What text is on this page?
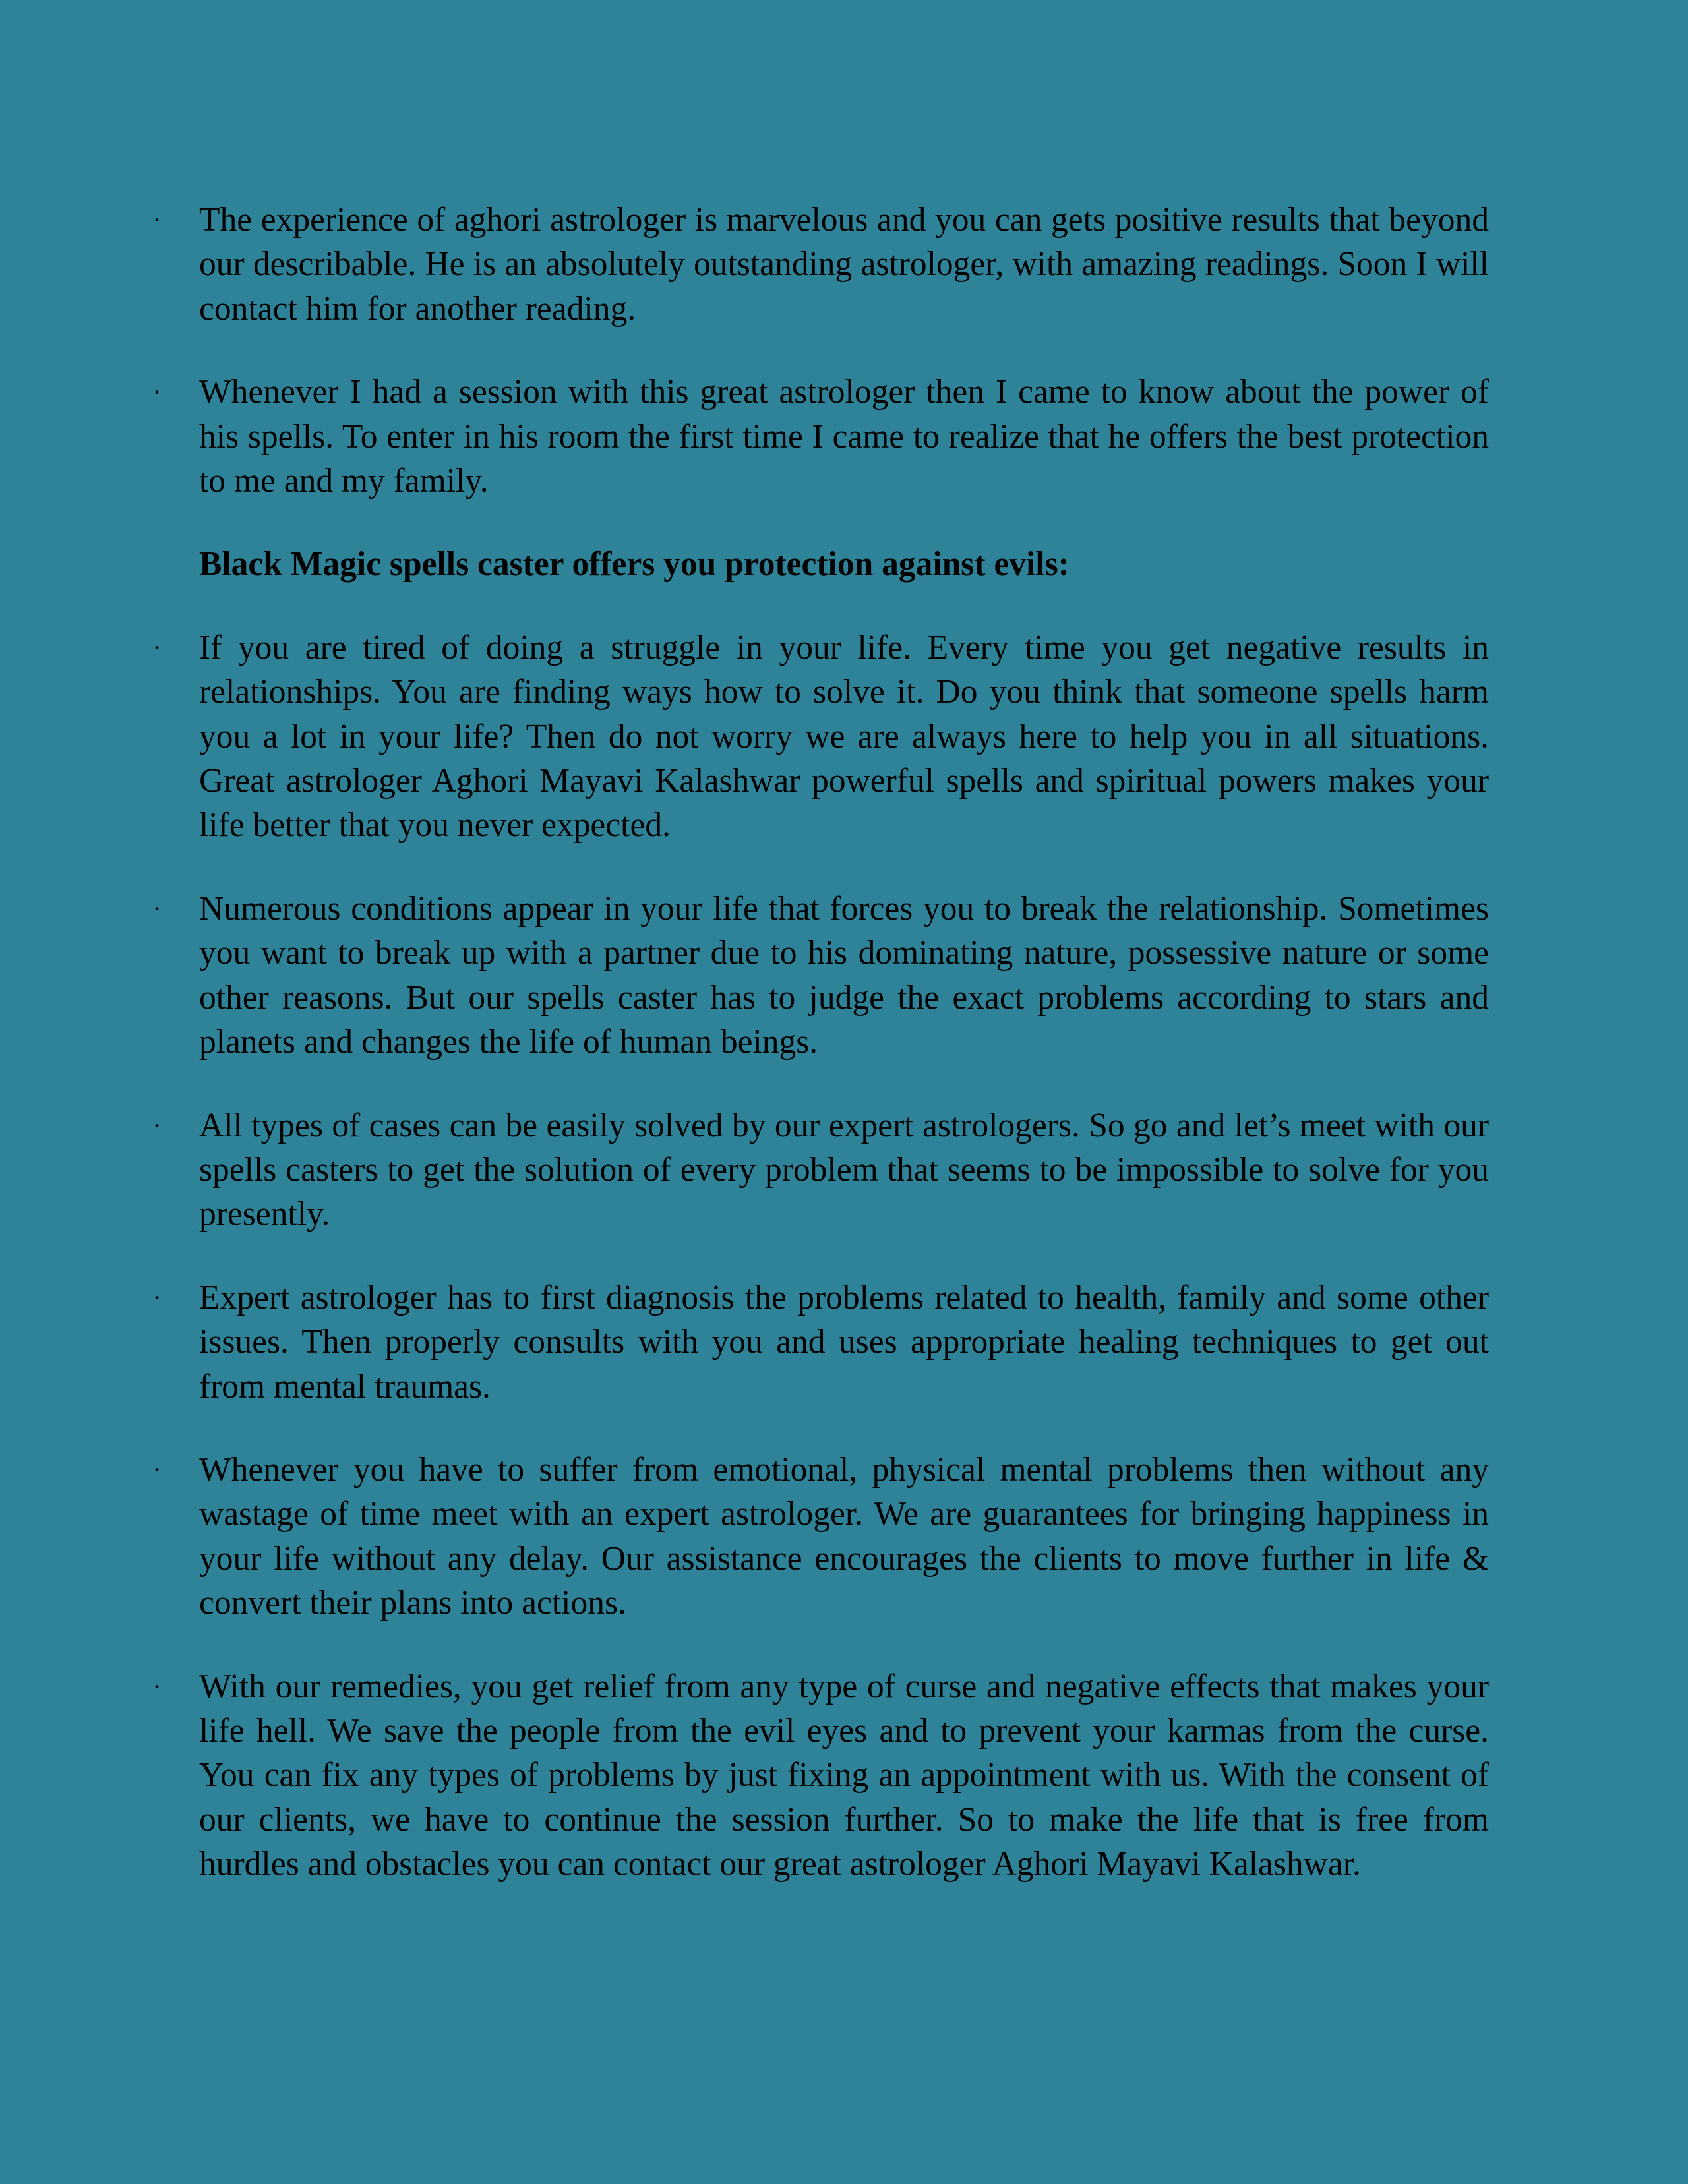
· The experience of aghori astrologer is marvelous and you can gets positive results that beyond our describable. He is an absolutely outstanding astrologer, with amazing readings. Soon I will contact him for another reading.

· Whenever I had a session with this great astrologer then I came to know about the power of his spells. To enter in his room the first time I came to realize that he offers the best protection to me and my family.

Black Magic spells caster offers you protection against evils:

· If you are tired of doing a struggle in your life. Every time you get negative results in relationships. You are finding ways how to solve it. Do you think that someone spells harm you a lot in your life? Then do not worry we are always here to help you in all situations. Great astrologer Aghori Mayavi Kalashwar powerful spells and spiritual powers makes your life better that you never expected.

· Numerous conditions appear in your life that forces you to break the relationship. Sometimes you want to break up with a partner due to his dominating nature, possessive nature or some other reasons. But our spells caster has to judge the exact problems according to stars and planets and changes the life of human beings.

· All types of cases can be easily solved by our expert astrologers. So go and let’s meet with our spells casters to get the solution of every problem that seems to be impossible to solve for you presently.

· Expert astrologer has to first diagnosis the problems related to health, family and some other issues. Then properly consults with you and uses appropriate healing techniques to get out from mental traumas.

· Whenever you have to suffer from emotional, physical mental problems then without any wastage of time meet with an expert astrologer. We are guarantees for bringing happiness in your life without any delay. Our assistance encourages the clients to move further in life & convert their plans into actions.

· With our remedies, you get relief from any type of curse and negative effects that makes your life hell. We save the people from the evil eyes and to prevent your karmas from the curse. You can fix any types of problems by just fixing an appointment with us. With the consent of our clients, we have to continue the session further. So to make the life that is free from hurdles and obstacles you can contact our great astrologer Aghori Mayavi Kalashwar.
